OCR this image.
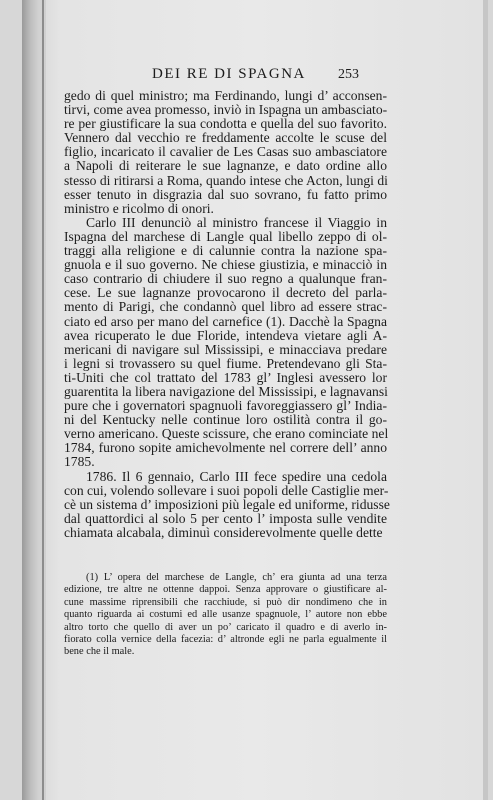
DEI RE DI SPAGNA 253
gedo di quel ministro; ma Ferdinando, lungi d’ acconsen-
tirvi, come avea promesso, inviò in Ispagna un ambasciato-
re per giustificare la sua condotta e quella del suo favorito.
Vennero dal vecchio re freddamente accolte le scuse del
figlio, incaricato il cavalier de Les Casas suo ambasciatore
a Napoli di reiterare le sue lagnanze, e dato ordine allo
stesso di ritirarsi a Roma, quando intese che Acton, lungi di
esser tenuto in disgrazia dal suo sovrano, fu fatto primo
ministro e ricolmo di onori.
Carlo III denunciò al ministro francese il Viaggio in
Ispagna del marchese di Langle qual libello zeppo di ol-
traggi alla religione e di calunnie contra la nazione spa-
gnuola e il suo governo. Ne chiese giustizia, e minacciò in
caso contrario di chiudere il suo regno a qualunque fran-
cese. Le sue lagnanze provocarono il decreto del parla-
mento di Parigi, che condannò quel libro ad essere strac-
ciato ed arso per mano del carnefice (1). Dacchè la Spagna
avea ricuperato le due Floride, intendeva vietare agli A-
mericani di navigare sul Mississipi, e minacciava predare
i legni si trovassero su quel fiume. Pretendevano gli Sta-
ti-Uniti che col trattato del 1783 gl’ Inglesi avessero lor
guarentita la libera navigazione del Mississipi, e lagnavansi
pure che i governatori spagnuoli favoreggiassero gl’ India-
ni del Kentucky nelle continue loro ostilità contra il go-
verno americano. Queste scissure, che erano cominciate nel
1784, furono sopite amichevolmente nel correre dell’ anno
1785.
1786. Il 6 gennaio, Carlo III fece spedire una cedola
con cui, volendo sollevare i suoi popoli delle Castiglie mer-
cè un sistema d’ imposizioni più legale ed uniforme, ridusse
dal quattordici al solo 5 per cento l’ imposta sulle vendite
chiamata alcabala, diminuì considerevolmente quelle dette
(1) L’ opera del marchese de Langle, ch’ era giunta ad una terza
edizione, tre altre ne ottenne dappoi. Senza approvare o giustificare al-
cune massime riprensibili che racchiude, si può dir nondimeno che in
quanto riguarda ai costumi ed alle usanze spagnuole, l’ autore non ebbe
altro torto che quello di aver un po’ caricato il quadro e di averlo in-
fiorato colla vernice della facezia: d’ altronde egli ne parla egualmente il
bene che il male.
